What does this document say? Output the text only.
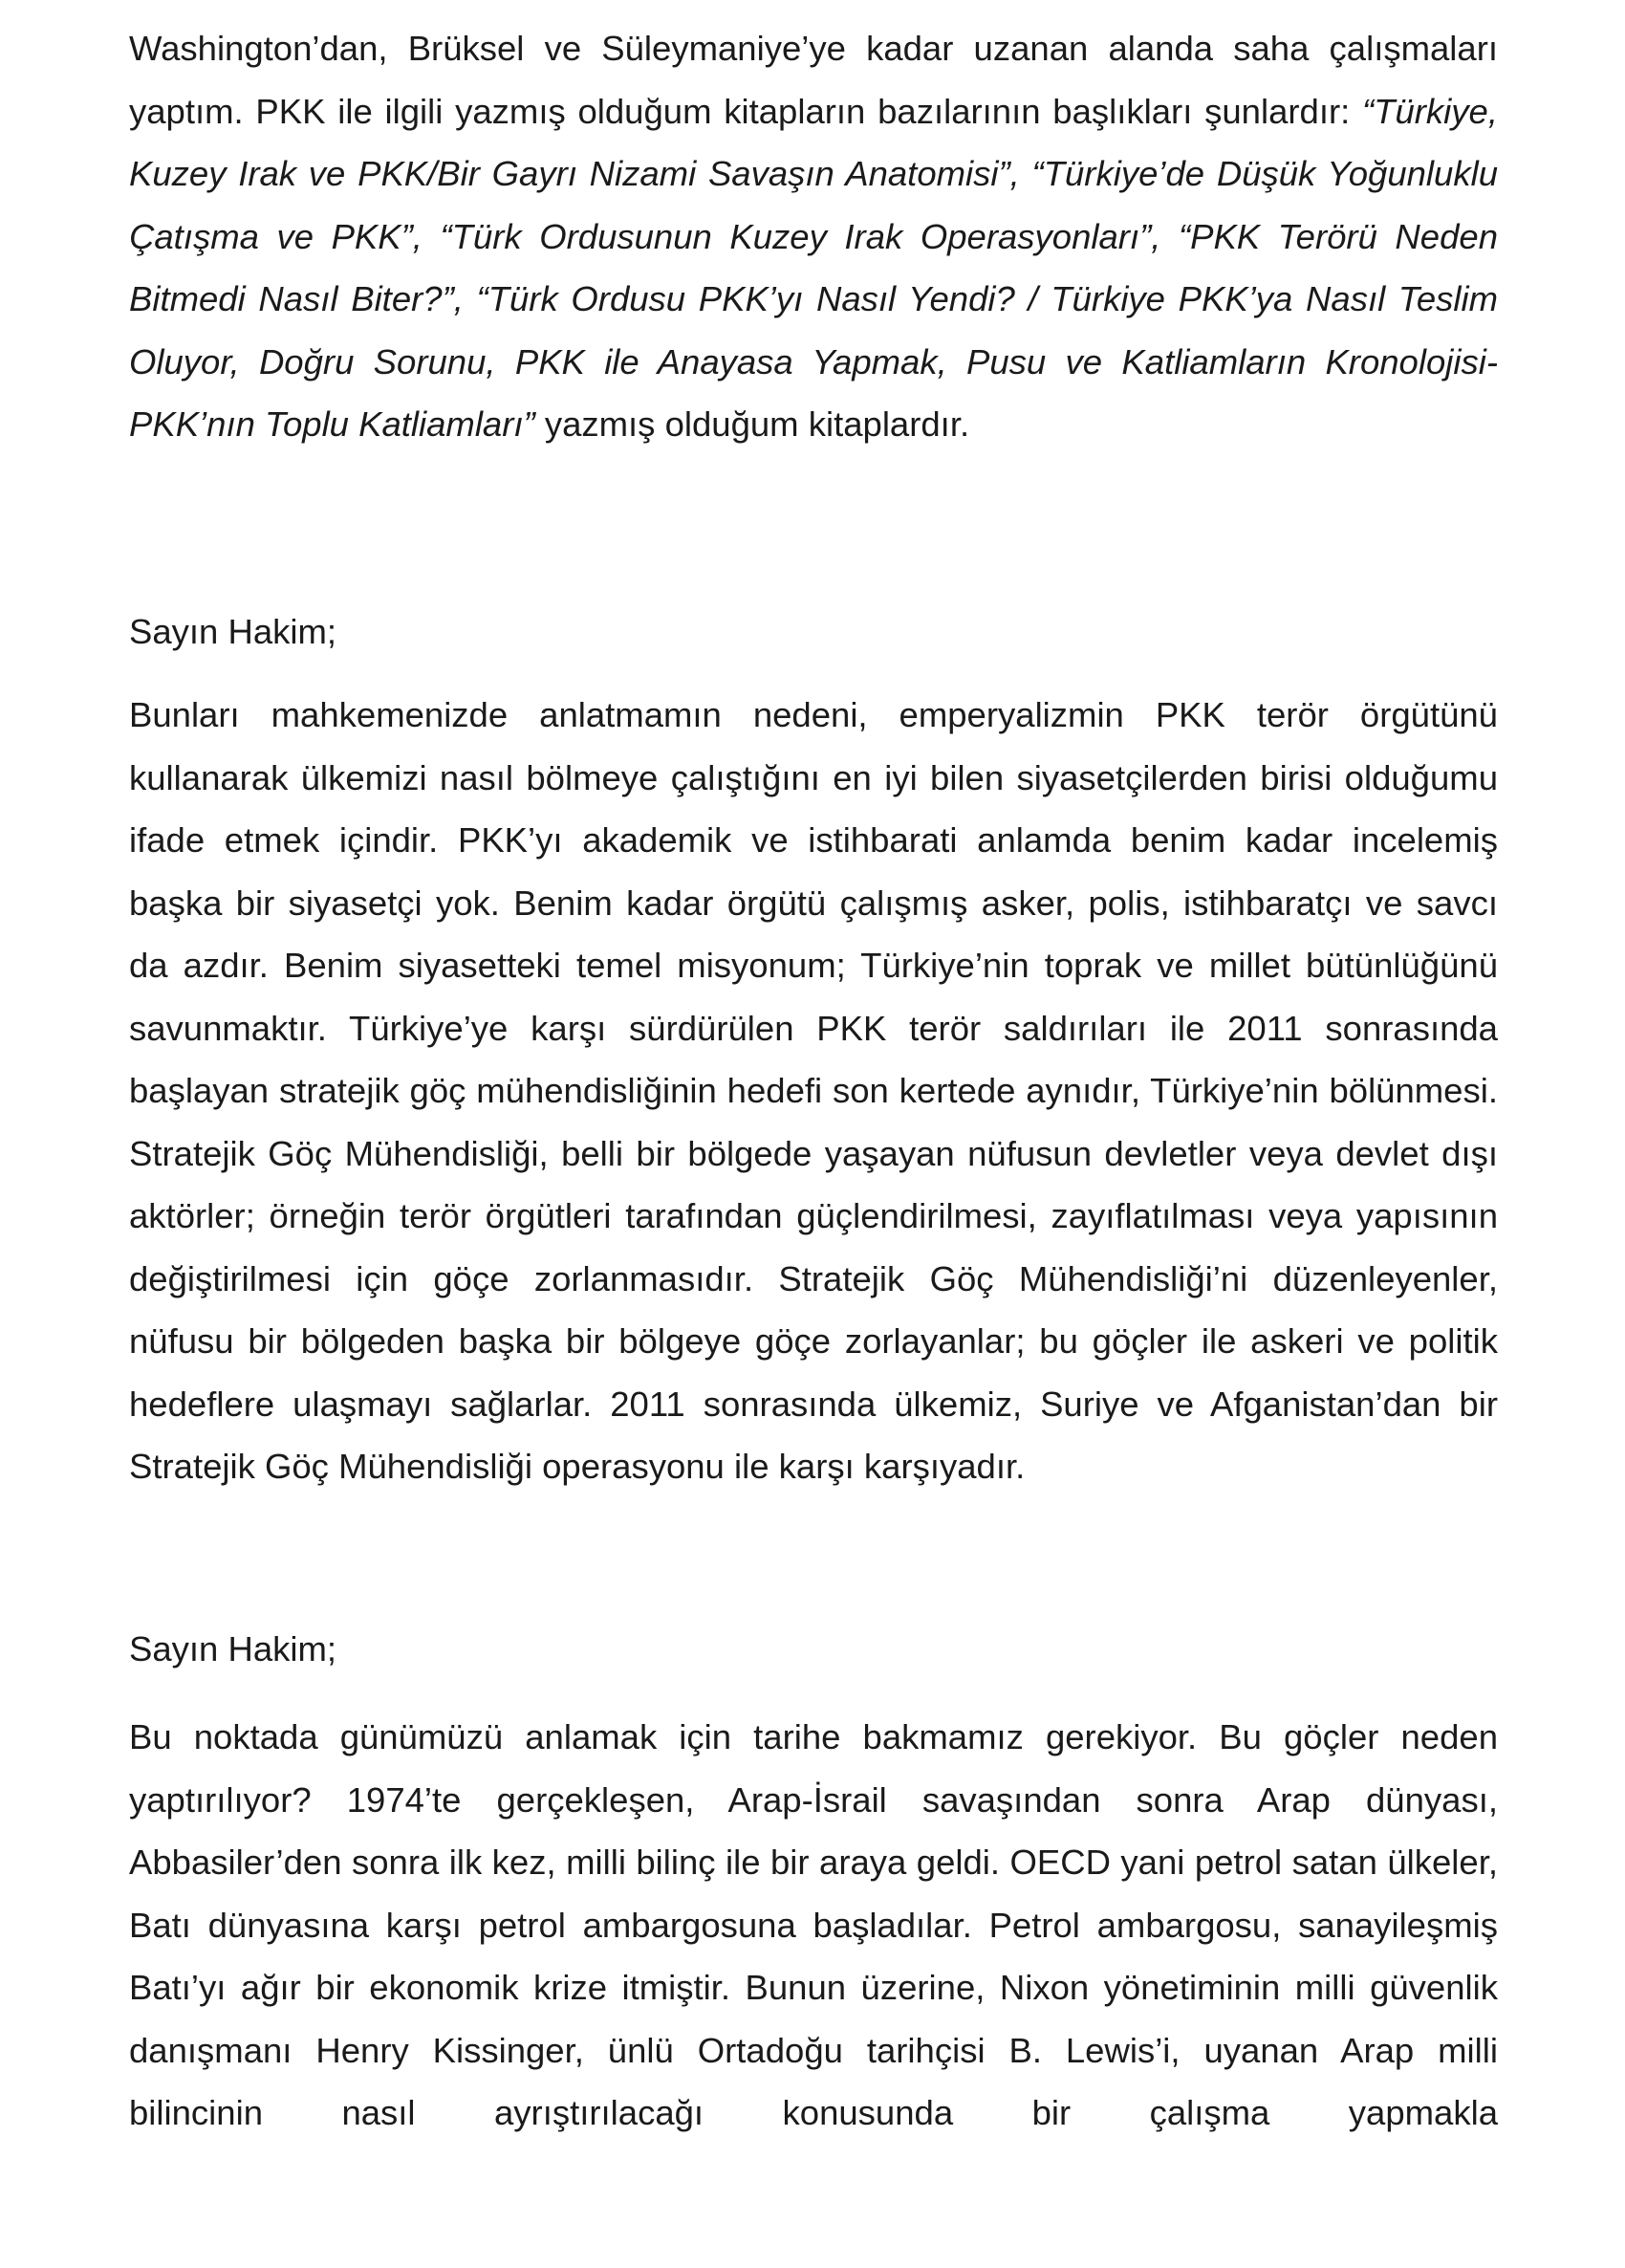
Washington’dan, Brüksel ve Süleymaniye’ye kadar uzanan alanda saha çalışmaları yaptım. PKK ile ilgili yazmış olduğum kitapların bazılarının başlıkları şunlardır: “Türkiye, Kuzey Irak ve PKK/Bir Gayrı Nizami Savaşın Anatomisi”, “Türkiye’de Düşük Yoğunluklu Çatışma ve PKK”, “Türk Ordusunun Kuzey Irak Operasyonları”, “PKK Terörü Neden Bitmedi Nasıl Biter?”, “Türk Ordusu PKK’yı Nasıl Yendi? / Türkiye PKK’ya Nasıl Teslim Oluyor, Doğru Sorunu, PKK ile Anayasa Yapmak, Pusu ve Katliamların Kronolojisi-PKK’nın Toplu Katliamları” yazmış olduğum kitaplardır.

Sayın Hakim;

Bunları mahkemenizde anlatmamın nedeni, emperyalizmin PKK terör örgütünü kullanarak ülkemizi nasıl bölmeye çalıştığını en iyi bilen siyasetçilerden birisi olduğumu ifade etmek içindir. PKK’yı akademik ve istihbarati anlamda benim kadar incelemiş başka bir siyasetçi yok. Benim kadar örgütü çalışmış asker, polis, istihbaratçı ve savcı da azdır. Benim siyasetteki temel misyonum; Türkiye’nin toprak ve millet bütünlüğünü savunmaktır. Türkiye’ye karşı sürdürülen PKK terör saldırıları ile 2011 sonrasında başlayan stratejik göç mühendisliğinin hedefi son kertede aynıdır, Türkiye’nin bölünmesi. Stratejik Göç Mühendisliği, belli bir bölgede yaşayan nüfusun devletler veya devlet dışı aktörler; örneğin terör örgütleri tarafından güçlendirilmesi, zayıflatılması veya yapısının değiştirilmesi için göçe zorlanmasıdır. Stratejik Göç Mühendisliği’ni düzenleyenler, nüfusu bir bölgeden başka bir bölgeye göçe zorlayanlar; bu göçler ile askeri ve politik hedeflere ulaşmayı sağlarlar. 2011 sonrasında ülkemiz, Suriye ve Afganistan’dan bir Stratejik Göç Mühendisliği operasyonu ile karşı karşıyadır.

Sayın Hakim;

Bu noktada günümüzü anlamak için tarihe bakmamız gerekiyor. Bu göçler neden yaptırılıyor? 1974’te gerçekleşen, Arap-İsrail savaşından sonra Arap dünyası, Abbasiler’den sonra ilk kez, milli bilinç ile bir araya geldi. OECD yani petrol satan ülkeler, Batı dünyasına karşı petrol ambargosuna başladılar. Petrol ambargosu, sanayileşmiş Batı’yı ağır bir ekonomik krize itmiştir. Bunun üzerine, Nixon yönetiminin milli güvenlik danışmanı Henry Kissinger, ünlü Ortadoğu tarihçisi B. Lewis’i, uyanan Arap milli bilincinin nasıl ayrıştırılacağı konusunda bir çalışma yapmakla
